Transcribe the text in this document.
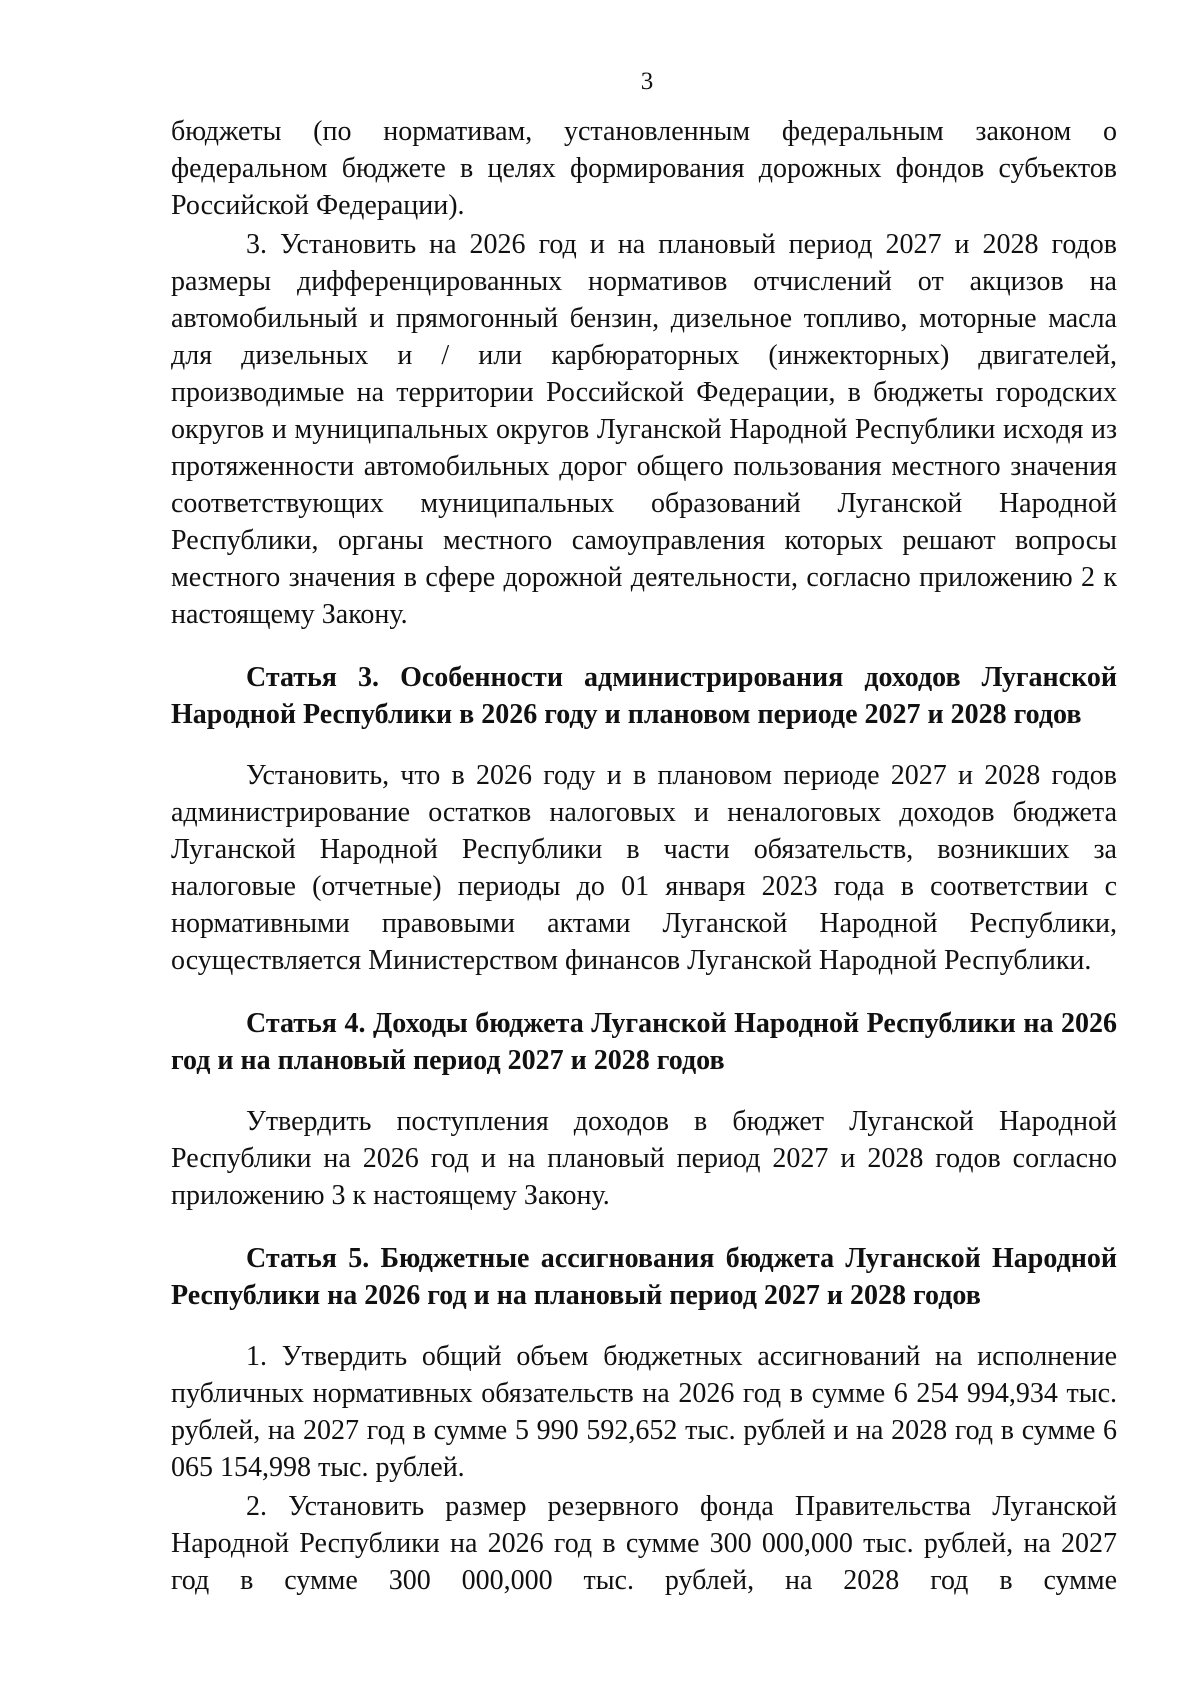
3

бюджеты (по нормативам, установленным федеральным законом о федеральном бюджете в целях формирования дорожных фондов субъектов Российской Федерации).

3. Установить на 2026 год и на плановый период 2027 и 2028 годов размеры дифференцированных нормативов отчислений от акцизов на автомобильный и прямогонный бензин, дизельное топливо, моторные масла для дизельных и / или карбюраторных (инжекторных) двигателей, производимые на территории Российской Федерации, в бюджеты городских округов и муниципальных округов Луганской Народной Республики исходя из протяженности автомобильных дорог общего пользования местного значения соответствующих муниципальных образований Луганской Народной Республики, органы местного самоуправления которых решают вопросы местного значения в сфере дорожной деятельности, согласно приложению 2 к настоящему Закону.

Статья 3. Особенности администрирования доходов Луганской Народной Республики в 2026 году и плановом периоде 2027 и 2028 годов

Установить, что в 2026 году и в плановом периоде 2027 и 2028 годов администрирование остатков налоговых и неналоговых доходов бюджета Луганской Народной Республики в части обязательств, возникших за налоговые (отчетные) периоды до 01 января 2023 года в соответствии с нормативными правовыми актами Луганской Народной Республики, осуществляется Министерством финансов Луганской Народной Республики.

Статья 4. Доходы бюджета Луганской Народной Республики на 2026 год и на плановый период 2027 и 2028 годов

Утвердить поступления доходов в бюджет Луганской Народной Республики на 2026 год и на плановый период 2027 и 2028 годов согласно приложению 3 к настоящему Закону.

Статья 5. Бюджетные ассигнования бюджета Луганской Народной Республики на 2026 год и на плановый период 2027 и 2028 годов

1. Утвердить общий объем бюджетных ассигнований на исполнение публичных нормативных обязательств на 2026 год в сумме 6 254 994,934 тыс. рублей, на 2027 год в сумме 5 990 592,652 тыс. рублей и на 2028 год в сумме 6 065 154,998 тыс. рублей.

2. Установить размер резервного фонда Правительства Луганской Народной Республики на 2026 год в сумме 300 000,000 тыс. рублей, на 2027 год в сумме 300 000,000 тыс. рублей, на 2028 год в сумме
